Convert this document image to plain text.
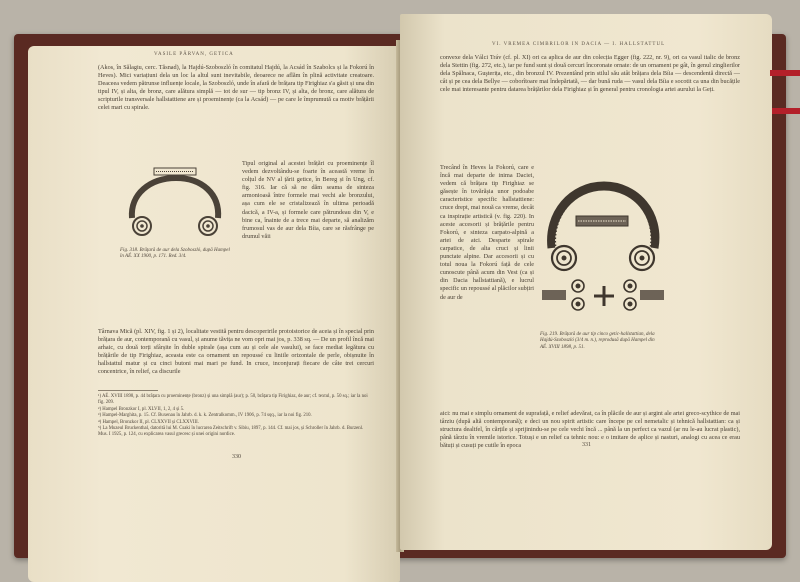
VASILE PÂRVAN, GETICA
(Akos, în Sălagiu, cerc. Tăsnad), la Hajdú-Szoboszló în comitatul Hajdú, la Acsád în Szabolcs și la Fokorú în Heves). Mici variațiuni dela un loc la altul sunt inevitabile, deoarece ne aflăm în plină activitate creatoare. Deaceea vedem pătrunse influențe locale, la Szoboszló, unde în afară de brățara tip Firighiaz s'a găsit și una din tipul IV, și alta, de bronz, care alătura simplă — tot de sur — tip bronz IV, și alta, de bronz, care alătura de scripturile transversale hallstattiene are și proeminențe (ca la Acsád) — pe care le împrumută ca motiv brățării celei mari cu spirale.
Fig. 318. Brățară de aur dela Szoboszló, după Hampel în AÉ. XX 1900, p. 171. Red. 3/4.
Tipul original al acestei brățări cu proeminențe îl vedem dezvoltându-se foarte în această vreme în colțul de NV al țării getice, în Bereg și în Ung, cf. fig. 316. Iar că să ne dăm seama de sinteza armonioasă între formele mai vechi ale bronzului, așa cum ele se cristalizează în ultima perioadă dacică, a IV-a, și formele care pătrundeau din V, e bine ca, înainte de a trece mai departe, să analizăm frumosul vas de aur dela Bíia, care se răsfrânge pe drumul văii
Târnava Mică (pl. XIV, fig. 1 și 2), localitate vestită pentru descoperirile protoistorice de aceia și în special prin brățara de aur, contemporană cu vasul, și anume tăvița ne vom opri mai jos, p. 338 sq. — De un profil încă mai arhaic, cu două torți sfârșite în duble spirale (așa cum au și cele ale vasului), se face mediat legătura cu brățările de tip Firighiaz, aceasta este ca ornament un repoussé cu liniile orizontale de perle, obișnuite în hallstattul matur și cu cinci butoni mai mari pe fund. In cruce, inconjurați fiecare de câte trei cercuri concentrice, în relief, ca discurile

¹) AÉ. XVIII 1898, p. 44 brățara cu proeminențe (bronz) și una simplă (aur); p. 50, brățara tip Firighiaz, de aur; cf. textul, p. 50 sq.; iar la noi fig. 209.

²) Hampel Bronzkor I, pl. XLVII, 1, 2, 4 și 5.

³) Hampel-Marghita, p. 15. Cf. Buxenau în Jahrb. d. k. k. Zentralkomm., IV 1906, p. 74 sqq., iar la noi fig. 210.

⁴) Hampel, Bronzkor II, pl. CLXXVII și CLXXVIII.

⁵) La Muzeul Bruckenthal, datorită lui M. Csaki în lucrarea Zeitschrift v. Sibiu, 1897, p. 144. Cf. mai jos, și Schroller în Jahrb. d. Burzenl. Mus. I 1925, p. 124, cu explicarea vasul grecesc și unei origini nordice.

330
VI. VREMEA CIMBRILOR IN DACIA — I. HALLSTATTUL
convexe dela Válci Tráv (cf. pl. XI) ori ca aplica de aur din colecția Egger (fig. 222, nr. 9), ori ca vasul italic de bronz dela Stettin (fig. 272, etc.), iar pe fund sunt și două cercuri încoronate ornate: de un ornament pe gât, în genul zinglierilor dela Spălnaca, Guşterița, etc., din bronzul IV. Prezentând prin stilul său atât brățara dela Bíia — descendentă directă — cât și pe cea dela Bellye — coborîtoare mai îndepărtată, — dar bună ruda — vasul dela Bíia e socotit ca una din bucățile cele mai interesante pentru datarea brățărilor dela Firighiaz și în general pentru cronologia artei aurului la Geți.
Trecând în Heves la Fokorú, care e încă mai departe de inima Daciei, vedem că brățara tip Firighiaz se găsește în tovărășia unor podoabe caracteristice specific hallstattiene: cruce drept, mai nouă ca vreme, decât ca inspirație artistică (v. fig. 220). In aceste accesorii și brățările pentru Fokorú, e sinteza carpato-alpină a artei de atci. Desparte spirale carpatice, de alta cruci și linii punctate alpine. Dar accesorii și cu totul noua la Fokorú față de cele cunoscute până acum din Vest (ca și din Dacia hallstattiană), e lucrul specific un repoussé al plăcilor subțiri de aur de
Fig. 219. Brățară de aur tip cinco getic-hallstattian, dela Hajdú-Szoboszló (3/4 m. n.), reprodusă după Hampel din AÉ. XVIII 1898, p. 51.
aici: nu mai e simplu ornament de suprafață, e relief adevărat, ca în plăcile de aur și argint ale artei greco-scythice de mai târziu (după altă contemporană); e deci un nou spirit artistic care începe pe cel nemetalic și tehnică hallstattian: ca și structura dealtfel, în cărțile și sprijinindu-se pe cele vechi încă ... până la un perfect ca vazul (ar nu le-au lucrat plastic), până târziu în vremile istorice. Totuși e un relief ca tehnic nou: e o imitare de aplice și nasturi, analogi cu acea ce erau bătuți și cusuți pe cutile în epoca	331
